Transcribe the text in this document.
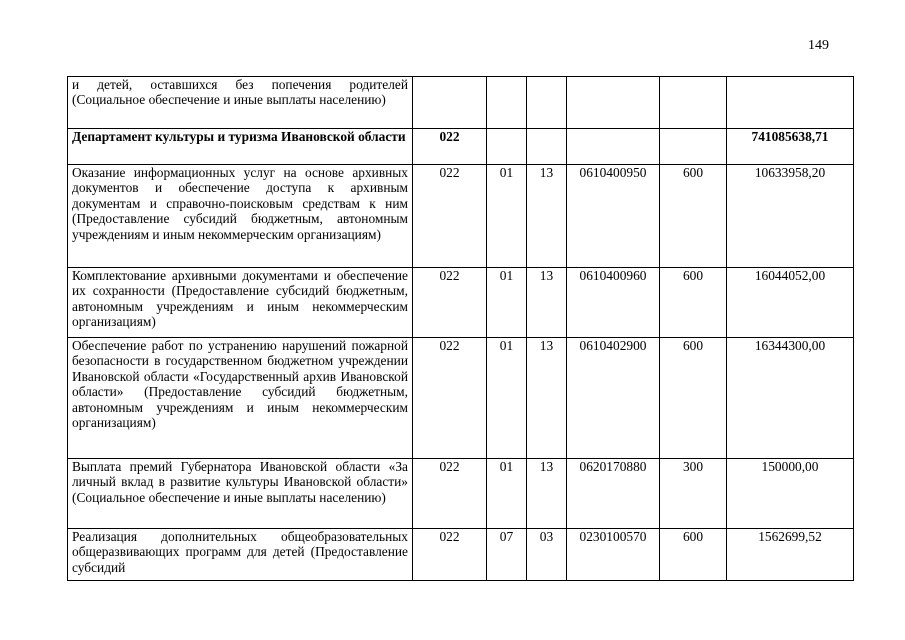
149
и детей, оставшихся без попечения родителей (Социальное обеспечение и иные выплаты населению)						
Департамент культуры и туризма Ивановской области	022					741085638,71
Оказание информационных услуг на основе архивных документов и обеспечение доступа к архивным документам и справочно-поисковым средствам к ним (Предоставление субсидий бюджетным, автономным учреждениям и иным некоммерческим организациям)	022	01	13	0610400950	600	10633958,20
Комплектование архивными документами и обеспечение их сохранности (Предоставление субсидий бюджетным, автономным учреждениям и иным некоммерческим организациям)	022	01	13	0610400960	600	16044052,00
Обеспечение работ по устранению нарушений пожарной безопасности в государственном бюджетном учреждении Ивановской области «Государственный архив Ивановской области» (Предоставление субсидий бюджетным, автономным учреждениям и иным некоммерческим организациям)	022	01	13	0610402900	600	16344300,00
Выплата премий Губернатора Ивановской области «За личный вклад в развитие культуры Ивановской области» (Социальное обеспечение и иные выплаты населению)	022	01	13	0620170880	300	150000,00
Реализация дополнительных общеобразовательных общеразвивающих программ для детей (Предоставление субсидий	022	07	03	0230100570	600	1562699,52
